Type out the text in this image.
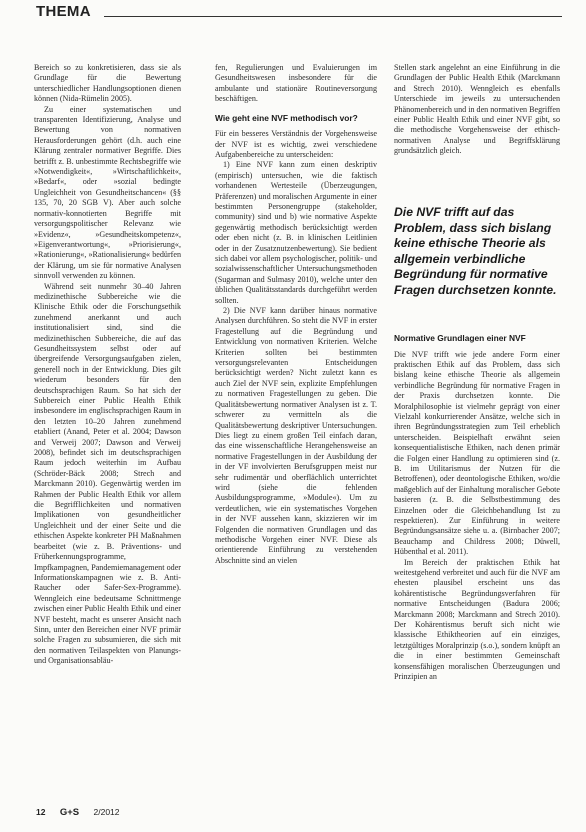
THEMA

Bereich so zu konkretisieren, dass sie als Grundlage für die Bewertung unterschiedlicher Handlungsoptionen dienen können (Nida-Rümelin 2005).

Zu einer systematischen und transparenten Identifizierung, Analyse und Bewertung von normativen Herausforderungen gehört (d.h. auch eine Klärung zentraler normativer Begriffe. Dies betrifft z. B. unbestimmte Rechtsbegriffe wie »Notwendigkeit«, »Wirtschaftlichkeit«, »Bedarf«, oder »sozial bedingte Ungleichheit von Gesundheitschancen« (§§ 135, 70, 20 SGB V). Aber auch solche normativ-konnotierten Begriffe mit versorgungspolitischer Relevanz wie »Evidenz«, »Gesundheitskompetenz«, »Eigenverantwortung«, »Priorisierung«, »Rationierung«, »Rationalisierung« bedürfen der Klärung, um sie für normative Analysen sinnvoll verwenden zu können.

Während seit nunmehr 30–40 Jahren medizinethische Subbereiche wie die Klinische Ethik oder die Forschungsethik zunehmend anerkannt und auch institutionalisiert sind, sind die medizinethischen Subbereiche, die auf das Gesundheitssystem selbst oder auf übergreifende Versorgungsaufgaben zielen, generell noch in der Entwicklung. Dies gilt wiederum besonders für den deutschsprachigen Raum. So hat sich der Subbereich einer Public Health Ethik insbesondere im englischsprachigen Raum in den letzten 10–20 Jahren zunehmend etabliert (Anand, Peter et al. 2004; Dawson and Verweij 2007; Dawson and Verweij 2008), befindet sich im deutschsprachigen Raum jedoch weiterhin im Aufbau (Schröder-Bäck 2008; Strech and Marckmann 2010). Gegenwärtig werden im Rahmen der Public Health Ethik vor allem die Begrifflichkeiten und normativen Implikationen von gesundheitlicher Ungleichheit und der einer Seite und die ethischen Aspekte konkreter PH Maßnahmen bearbeitet (wie z. B. Präventions- und Früherkennungsprogramme, Impfkampagnen, Pandemiemanagement oder Informationskampagnen wie z. B. Anti-Raucher oder Safer-Sex-Programme). Wenngleich eine bedeutsame Schnittmenge zwischen einer Public Health Ethik und einer NVF besteht, macht es unserer Ansicht nach Sinn, unter den Bereichen einer NVF primär solche Fragen zu subsumieren, die sich mit den normativen Teilaspekten von Planungs- und Organisationsabläu-

fen, Regulierungen und Evaluierungen im Gesundheitswesen insbesondere für die ambulante und stationäre Routineversorgung beschäftigen.

Wie geht eine NVF methodisch vor?

Für ein besseres Verständnis der Vorgehensweise der NVF ist es wichtig, zwei verschiedene Aufgabenbereiche zu unterscheiden:

1) Eine NVF kann zum einen deskriptiv (empirisch) untersuchen, wie die faktisch vorhandenen Wertesteile (Überzeugungen, Präferenzen) und moralischen Argumente in einer bestimmten Personengruppe (stakeholder, community) sind und b) wie normative Aspekte gegenwärtig methodisch berücksichtigt werden oder eben nicht (z. B. in klinischen Leitlinien oder in der Zusatznutzenbewertung). Sie bedient sich dabei vor allem psychologischer, politik- und sozialwissenschaftlicher Untersuchungsmethoden (Sugarman and Sulmasy 2010), welche unter den üblichen Qualitätsstandards durchgeführt werden sollten.

2) Die NVF kann darüber hinaus normative Analysen durchführen. So steht die NVF in erster Fragestellung auf die Begründung und Entwicklung von normativen Kriterien. Welche Kriterien sollten bei bestimmten versorgungsrelevanten Entscheidungen berücksichtigt werden? Nicht zuletzt kann es auch Ziel der NVF sein, explizite Empfehlungen zu normativen Fragestellungen zu geben. Die Qualitätsbewertung normativer Analysen ist z. T. schwerer zu vermitteln als die Qualitätsbewertung deskriptiver Untersuchungen. Dies liegt zu einem großen Teil einfach daran, das eine wissenschaftliche Herangehensweise an normative Fragestellungen in der Ausbildung der in der VF involvierten Berufsgruppen meist nur sehr rudimentär und oberflächlich unterrichtet wird (siehe die fehlenden Ausbildungsprogramme, »Module«). Um zu verdeutlichen, wie ein systematisches Vorgehen in der NVF aussehen kann, skizzieren wir im Folgenden die normativen Grundlagen und das methodische Vorgehen einer NVF. Diese als orientierende Einführung zu verstehenden Abschnitte sind an vielen

Stellen stark angelehnt an eine Einführung in die Grundlagen der Public Health Ethik (Marckmann and Strech 2010). Wenngleich es ebenfalls Unterschiede im jeweils zu untersuchenden Phänomenbereich und in den normativen Begriffen einer Public Health Ethik und einer NVF gibt, so die methodische Vorgehensweise der ethisch-normativen Analyse und Begriffsklärung grundsätzlich gleich.

Die NVF trifft auf das Problem, dass sich bislang keine ethische Theorie als allgemein verbindliche Begründung für normative Fragen durchsetzen konnte.
Normative Grundlagen einer NVF

Die NVF trifft wie jede andere Form einer praktischen Ethik auf das Problem, dass sich bislang keine ethische Theorie als allgemein verbindliche Begründung für normative Fragen in der Praxis durchsetzen konnte. Die Moralphilosophie ist vielmehr geprägt von einer Vielzahl konkurrierender Ansätze, welche sich in ihren Begründungsstrategien zum Teil erheblich unterscheiden. Beispielhaft erwähnt seien konsequentialistische Ethiken, nach denen primär die Folgen einer Handlung zu optimieren sind (z. B. im Utilitarismus der Nutzen für die Betroffenen), oder deontologische Ethiken, wo/die maßgeblich auf der Einhaltung moralischer Gebote basieren (z. B. die Selbstbestimmung des Einzelnen oder die Gleichbehandlung Ist zu respektieren). Zur Einführung in weitere Begründungsansätze siehe u. a. (Birnbacher 2007; Beauchamp and Childress 2008; Düwell, Hübenthal et al. 2011).

Im Bereich der praktischen Ethik hat weitestgehend verbreitet und auch für die NVF am ehesten plausibel erscheint uns das kohärentistische Begründungsverfahren für normative Entscheidungen (Badura 2006; Marckmann 2008; Marckmann and Strech 2010). Der Kohärentismus beruft sich nicht wie klassische Ethiktheorien auf ein einziges, letztgültiges Moralprinzip (s.o.), sondern knüpft an die in einer bestimmten Gemeinschaft konsensfähigen moralischen Überzeugungen und Prinzipien an

12 G+S 2/2012
